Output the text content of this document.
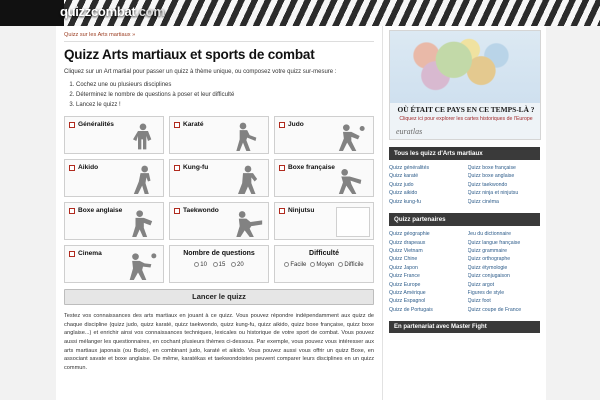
quizzcombat.com
Quizz sur les Arts martiaux »
Quizz Arts martiaux et sports de combat

Cliquez sur un Art martial pour passer un quizz à thème unique, ou composez votre quizz sur-mesure :

1. Cochez une ou plusieurs disciplines
2. Déterminez le nombre de questions à poser et leur difficulté
3. Lancez le quizz !
Généralités	Karaté	Judo
Aikido	Kung-fu	Boxe française
Boxe anglaise	Taekwondo	Ninjutsu
Cinema	Nombre de questions
10 15 20
Difficulté
Facile Moyen Difficile
Lancer le quizz
Testez vos connaissances des arts martiaux en jouant à ce quizz. Vous pouvez répondre indépendamment aux quizz de chaque discipline (quizz judo, quizz karaté, quizz taekwondo, quizz kung-fu, quizz aikido, quizz boxe française, quizz boxe anglaise...) et enrichir ainsi vos connaissances techniques, lexicales ou historique de votre sport de combat. Vous pouvez aussi mélanger les questionnaires, en cochant plusieurs thèmes ci-dessous. Par exemple, vous pouvez vous intéresser aux arts martiaux japonais (ou Budo), en combinant judo, karaté et aikido. Vous pouvez aussi vous offrir un quizz Boxe, en associant savate et boxe anglaise. De même, karatékas et taekwondoistes peuvent comparer leurs disciplines en un quizz commun.
OÙ ÉTAIT CE PAYS EN CE TEMPS-LÀ ?
Cliquez ici pour explorer les cartes historiques de l'Europe
euratlas
Tous les quizz d'Arts martiaux
Quizz généralités
Quizz karaté
Quizz judo
Quizz aikido
Quizz kung-fu
Quizz boxe française
Quizz boxe anglaise
Quizz taekwondo
Quizz ninja et ninjutsu
Quizz cinéma
Quizz partenaires
Quizz géographie
Quizz drapeaux
Quizz Vietnam
Quizz Chine
Quizz Japon
Quizz France
Quizz Europe
Quizz Amérique
Quizz Espagnol
Quizz de Portugais
Jeu du dictionnaire
Quizz langue française
Quizz grammaire
Quizz orthographe
Quizz étymologie
Quizz conjugaison
Quizz argot
Figures de style
Quizz foot
Quizz coupe de France
En partenariat avec Master Fight
